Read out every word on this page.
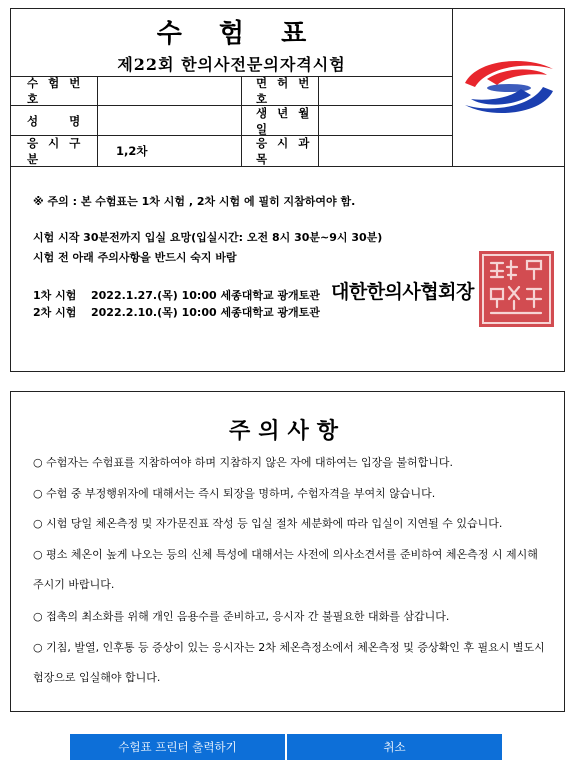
수 험 표
제22회 한의사전문의자격시험
수 험 번 호
면 허 번 호
성    명
생 년 월 일
응 시 구 분
1,2차
응 시 과 목
※ 주의 : 본 수험표는 1차 시험 , 2차 시험 에 필히 지참하여야 함.
시험 시작 30분전까지 입실 요망(입실시간: 오전 8시 30분~9시 30분)
시험 전 아래 주의사항을 반드시 숙지 바람
1차 시험 2022.1.27.(목) 10:00 세종대학교 광개토관
2차 시험 2022.2.10.(목) 10:00 세종대학교 광개토관
대한한의사협회장
주의사항
○ 수험자는 수험표를 지참하여야 하며 지참하지 않은 자에 대하여는 입장을 불허합니다.
○ 수험 중 부정행위자에 대해서는 즉시 퇴장을 명하며, 수험자격을 부여치 않습니다.
○ 시험 당일 체온측정 및 자가문진표 작성 등 입실 절차 세분화에 따라 입실이 지연될 수 있습니다.
○ 평소 체온이 높게 나오는 등의 신체 특성에 대해서는 사전에 의사소견서를 준비하여 체온측정 시 제시해 주시기 바랍니다.
○ 접촉의 최소화를 위해 개인 음용수를 준비하고, 응시자 간 불필요한 대화를 삼갑니다.
○ 기침, 발열, 인후통 등 증상이 있는 응시자는 2차 체온측정소에서 체온측정 및 증상확인 후 필요시 별도시험장으로 입실해야 합니다.
수험표 프린터 출력하기	취소
